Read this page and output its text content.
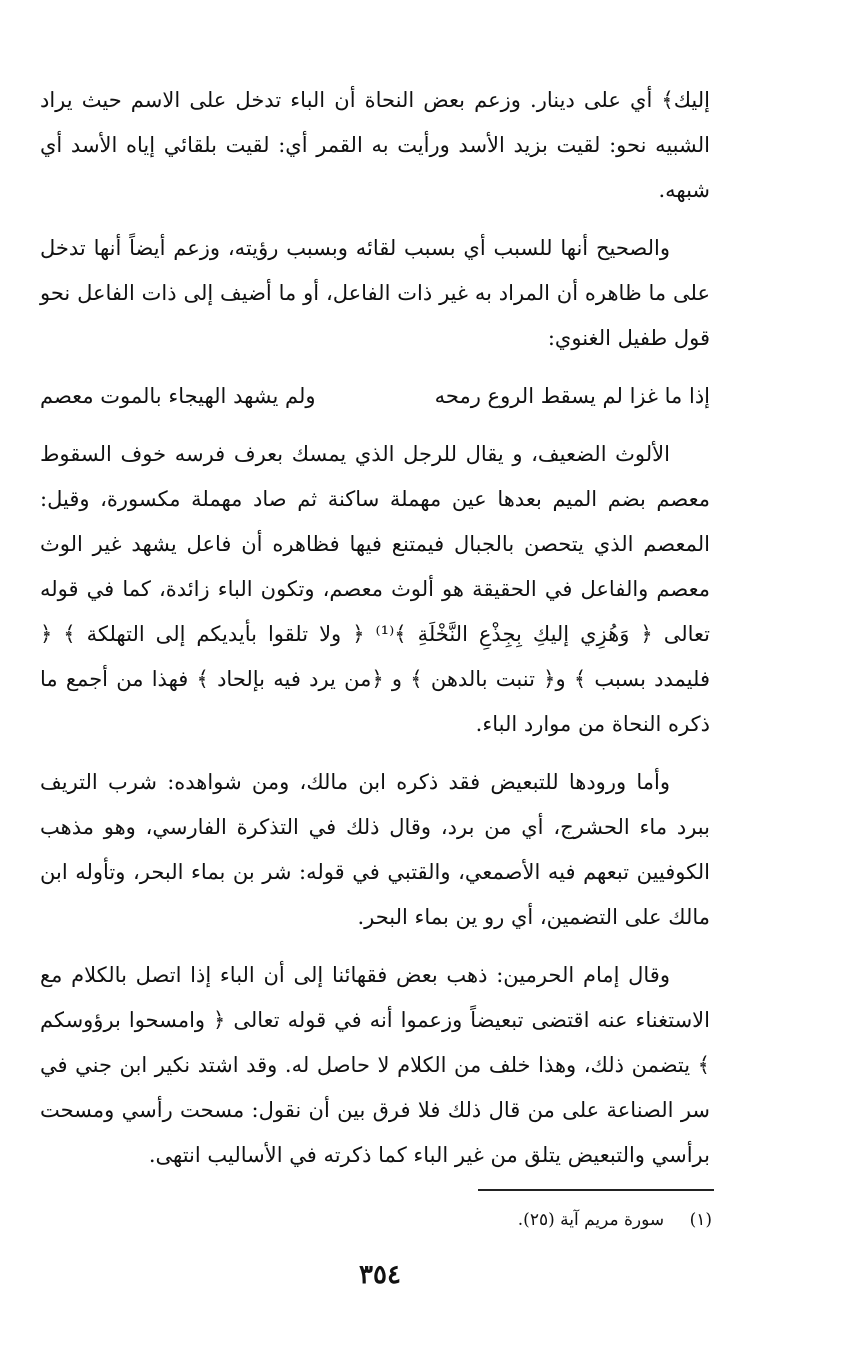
إليك﴾ أي على دينار. وزعم بعض النحاة أن الباء تدخل على الاسم حيث يراد الشبيه نحو: لقيت بزيد الأسد ورأيت به القمر أي: لقيت بلقائي إياه الأسد أي شبهه.

والصحيح أنها للسبب أي بسبب لقائه وبسبب رؤيته، وزعم أيضاً أنها تدخل على ما ظاهره أن المراد به غير ذات الفاعل، أو ما أضيف إلى ذات الفاعل نحو قول طفيل الغنوي:

إذا ما غزا لم يسقط الروع رمحه
ولم يشهد الهيجاء بالموت معصم

الألوث الضعيف، و يقال للرجل الذي يمسك بعرف فرسه خوف السقوط معصم بضم الميم بعدها عين مهملة ساكنة ثم صاد مهملة مكسورة، وقيل: المعصم الذي يتحصن بالجبال فيمتنع فيها فظاهره أن فاعل يشهد غير الوث معصم والفاعل في الحقيقة هو ألوث معصم، وتكون الباء زائدة، كما في قوله تعالى ﴿ وَهُزِي إليكِ بِجِذْعِ النَّخْلَةِ ﴾⁽¹⁾ ﴿ ولا تلقوا بأيديكم إلى التهلكة ﴾ ﴿ فليمدد بسبب ﴾ و﴿ تنبت بالدهن ﴾ و ﴿من يرد فيه بإلحاد ﴾ فهذا من أجمع ما ذكره النحاة من موارد الباء.

وأما ورودها للتبعيض فقد ذكره ابن مالك، ومن شواهده: شرب التريف ببرد ماء الحشرج، أي من برد، وقال ذلك في التذكرة الفارسي، وهو مذهب الكوفيين تبعهم فيه الأصمعي، والقتبي في قوله: شر بن بماء البحر، وتأوله ابن مالك على التضمين، أي رو ين بماء البحر.

وقال إمام الحرمين: ذهب بعض فقهائنا إلى أن الباء إذا اتصل بالكلام مع الاستغناء عنه اقتضى تبعيضاً وزعموا أنه في قوله تعالى ﴿ وامسحوا برؤوسكم ﴾ يتضمن ذلك، وهذا خلف من الكلام لا حاصل له. وقد اشتد نكير ابن جني في سر الصناعة على من قال ذلك فلا فرق بين أن نقول: مسحت رأسي ومسحت برأسي والتبعيض يتلق من غير الباء كما ذكرته في الأساليب انتهى.

(١) سورة مريم آية (٢٥).
٣٥٤
